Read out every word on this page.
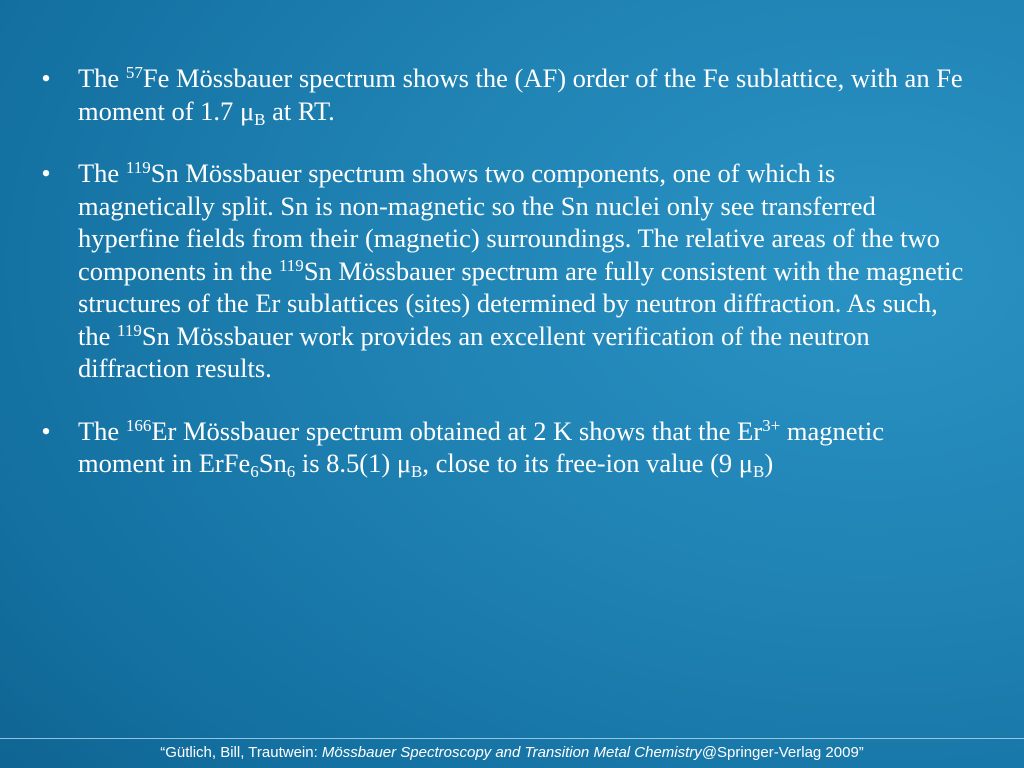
• The $^{57}$Fe Mössbauer spectrum shows the (AF) order of the Fe sublattice, with an Fe moment of 1.7 $\mu_B$ at RT.
• The $^{119}$Sn Mössbauer spectrum shows two components, one of which is magnetically split. Sn is non-magnetic so the Sn nuclei only see transferred hyperfine fields from their (magnetic) surroundings. The relative areas of the two components in the $^{119}$Sn Mössbauer spectrum are fully consistent with the magnetic structures of the Er sublattices (sites) determined by neutron diffraction. As such, the $^{119}$Sn Mössbauer work provides an excellent verification of the neutron diffraction results.
• The $^{166}$Er Mössbauer spectrum obtained at 2 K shows that the $Er^{3+}$ magnetic moment in $ErFe_6Sn_6$ is 8.5(1) $\mu_B$, close to its free-ion value (9 $\mu_B$)
“Gütlich, Bill, Trautwein: Mössbauer Spectroscopy and Transition Metal Chemistry@Springer-Verlag 2009”
